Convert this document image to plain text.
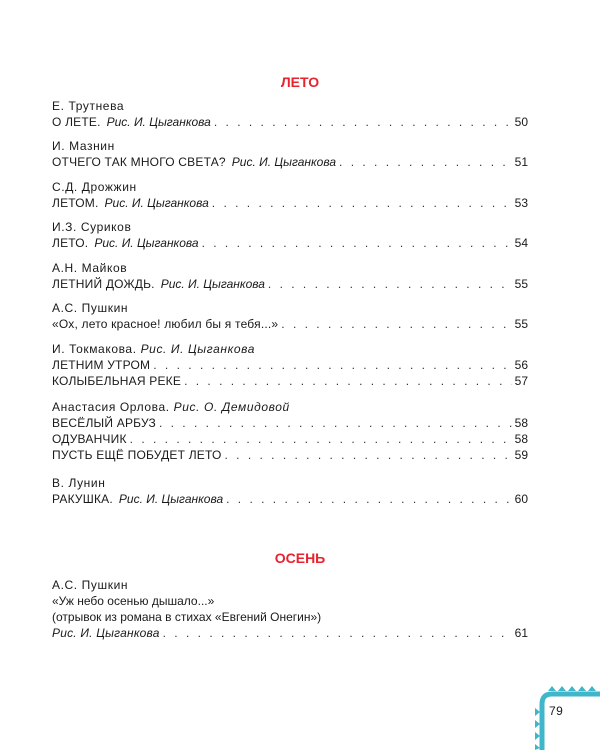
ЛЕТО
Е. Трутнева
О ЛЕТЕ. Рис. И. Цыганкова . . .	50
И. Мазнин
ОТЧЕГО ТАК МНОГО СВЕТА? Рис. И. Цыганкова . . .	51
С.Д. Дрожжин
ЛЕТОМ. Рис. И. Цыганкова . . .	53
И.З. Суриков
ЛЕТО. Рис. И. Цыганкова . . .	54
А.Н. Майков
ЛЕТНИЙ ДОЖДЬ. Рис. И. Цыганкова . . .	55
А.С. Пушкин
«Ох, лето красное! любил бы я тебя...» . . .	55
И. Токмакова. Рис. И. Цыганкова
ЛЕТНИМ УТРОМ . . .	56
КОЛЫБЕЛЬНАЯ РЕКЕ . . .	57
Анастасия Орлова. Рис. О. Демидовой
ВЕСЁЛЫЙ АРБУЗ . . .	58
ОДУВАНЧИК . . .	58
ПУСТЬ ЕЩЁ ПОБУДЕТ ЛЕТО . . .	59
В. Лунин
РАКУШКА. Рис. И. Цыганкова . . .	60
ОСЕНЬ
А.С. Пушкин
«Уж небо осенью дышало...»
(отрывок из романа в стихах «Евгений Онегин»)
Рис. И. Цыганкова . . .	61
79
